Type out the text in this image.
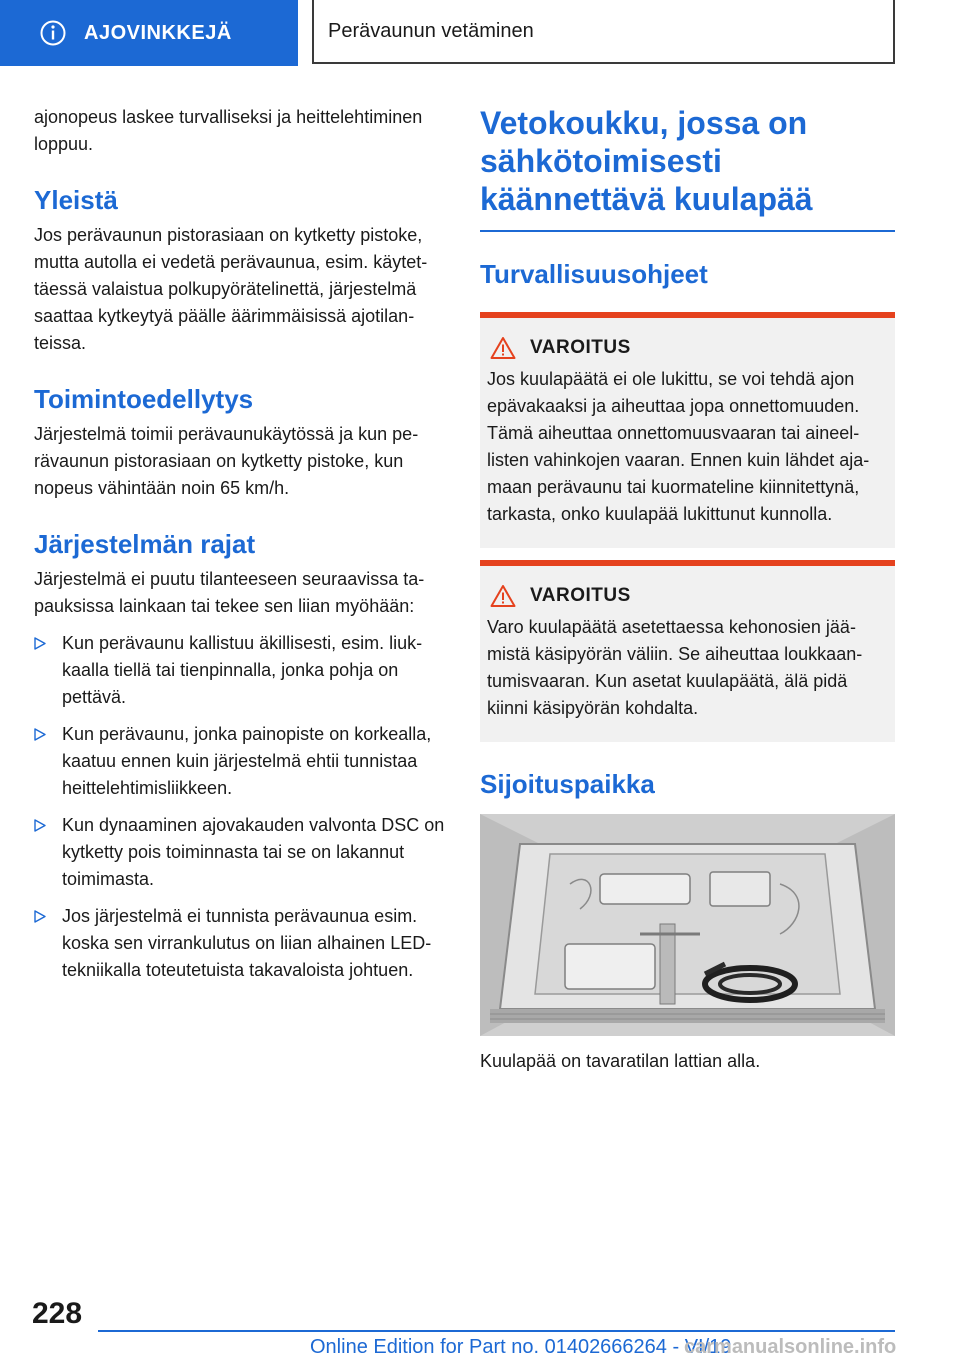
AJOVINKKEJÄ	Perävaunun vetäminen

ajonopeus laskee turvalliseksi ja heittelehtiminen loppuu.

Yleistä

Jos perävaunun pistorasiaan on kytketty pistoke, mutta autolla ei vedetä perävaunua, esim. käytettäessä valaistua polkupyörätelinettä, järjestelmä saattaa kytkeytyä päälle äärimmäisissä ajotilanteissa.

Toimintoedellytys

Järjestelmä toimii perävaunukäytössä ja kun perävaunun pistorasiaan on kytketty pistoke, kun nopeus vähintään noin 65 km/h.

Järjestelmän rajat

Järjestelmä ei puutu tilanteeseen seuraavissa tapauksissa lainkaan tai tekee sen liian myöhään:

Kun perävaunu kallistuu äkillisesti, esim. liukkaalla tiellä tai tienpinnalla, jonka pohja on pettävä.
Kun perävaunu, jonka painopiste on korkealla, kaatuu ennen kuin järjestelmä ehtii tunnistaa heittelehtimisliikkeen.
Kun dynaaminen ajovakauden valvonta DSC on kytketty pois toiminnasta tai se on lakannut toimimasta.
Jos järjestelmä ei tunnista perävaunua esim. koska sen virrankulutus on liian alhainen LED-tekniikalla toteutetuista takavaloista johtuen.
Vetokoukku, jossa on sähkötoimisesti käännettävä kuulapää
Turvallisuusohjeet
VAROITUS

Jos kuulapäätä ei ole lukittu, se voi tehdä ajon epävakaaksi ja aiheuttaa jopa onnettomuuden. Tämä aiheuttaa onnettomuusvaaran tai aineellisten vahinkojen vaaran. Ennen kuin lähdet ajamaan perävaunu tai kuormateline kiinnitettynä, tarkasta, onko kuulapää lukittunut kunnolla.

VAROITUS

Varo kuulapäätä asetettaessa kehonosien jäämistä käsipyörän väliin. Se aiheuttaa loukkaantumisvaaran. Kun asetat kuulapäätä, älä pidä kiinni käsipyörän kohdalta.

Sijoituspaikka

Kuulapää on tavaratilan lattian alla.

228
Online Edition for Part no. 01402666264 - VI/19
carmanualsonline.info
